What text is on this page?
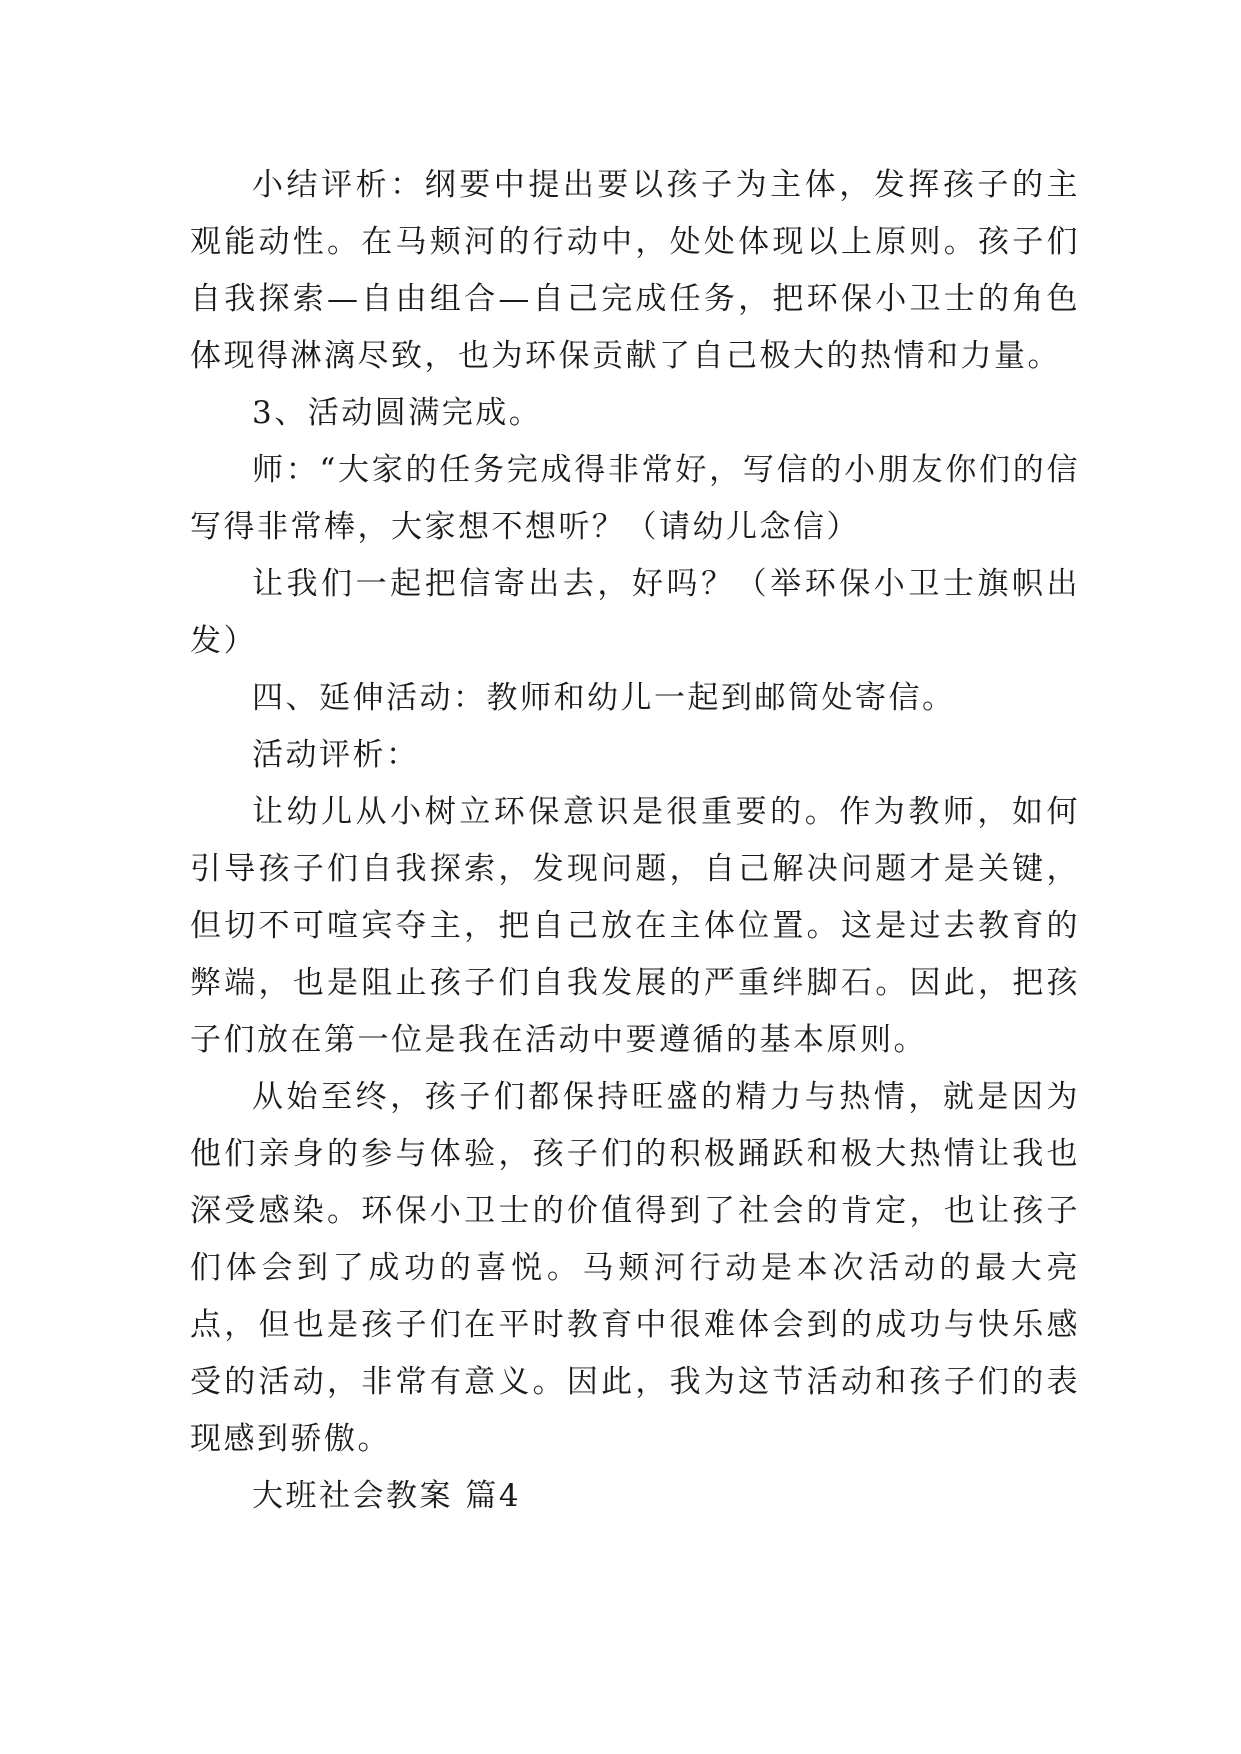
小结评析：纲要中提出要以孩子为主体，发挥孩子的主观能动性。在马颊河的行动中，处处体现以上原则。孩子们自我探索—自由组合—自己完成任务，把环保小卫士的角色体现得淋漓尽致，也为环保贡献了自己极大的热情和力量。

3、活动圆满完成。

师：“大家的任务完成得非常好，写信的小朋友你们的信写得非常棒，大家想不想听？（请幼儿念信）

让我们一起把信寄出去，好吗？（举环保小卫士旗帜出发）

四、延伸活动：教师和幼儿一起到邮筒处寄信。

活动评析：

让幼儿从小树立环保意识是很重要的。作为教师，如何引导孩子们自我探索，发现问题，自己解决问题才是关键，但切不可喧宾夺主，把自己放在主体位置。这是过去教育的弊端，也是阻止孩子们自我发展的严重绊脚石。因此，把孩子们放在第一位是我在活动中要遵循的基本原则。

从始至终，孩子们都保持旺盛的精力与热情，就是因为他们亲身的参与体验，孩子们的积极踊跃和极大热情让我也深受感染。环保小卫士的价值得到了社会的肯定，也让孩子们体会到了成功的喜悦。马颊河行动是本次活动的最大亮点，但也是孩子们在平时教育中很难体会到的成功与快乐感受的活动，非常有意义。因此，我为这节活动和孩子们的表现感到骄傲。

大班社会教案 篇4
